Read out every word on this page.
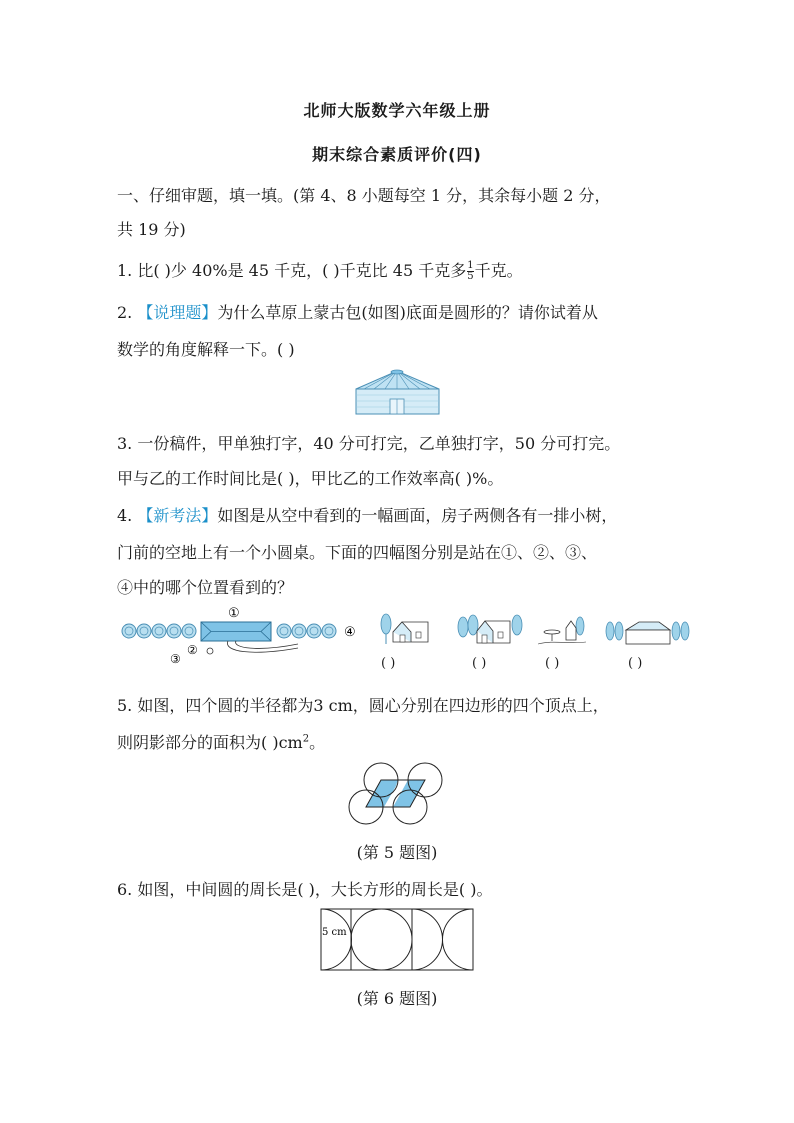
北师大版数学六年级上册
期末综合素质评价(四)
一、仔细审题，填一填。(第 4、8 小题每空 1 分，其余每小题 2 分，
共 19 分)
1. 比( )少 40%是 45 千克，( )千克比 45 千克多 $\frac{1}{5}$ 千克。
2. 【说理题】为什么草原上蒙古包(如图)底面是圆形的？请你试着从
数学的角度解释一下。( )
3. 一份稿件，甲单独打字，40 分可打完，乙单独打字，50 分可打完。
甲与乙的工作时间比是( )，甲比乙的工作效率高( )%。
4. 【新考法】如图是从空中看到的一幅画面，房子两侧各有一排小树，
门前的空地上有一个小圆桌。下面的四幅图分别是站在①、②、③、
④中的哪个位置看到的？
①
②
③
④
( )	( )	( )	( )
5. 如图，四个圆的半径都为3 cm，圆心分别在四边形的四个顶点上，
则阴影部分的面积为( )$cm^2$。
(第 5 题图)
6. 如图，中间圆的周长是( )，大长方形的周长是( )。
5 cm
(第 6 题图)
